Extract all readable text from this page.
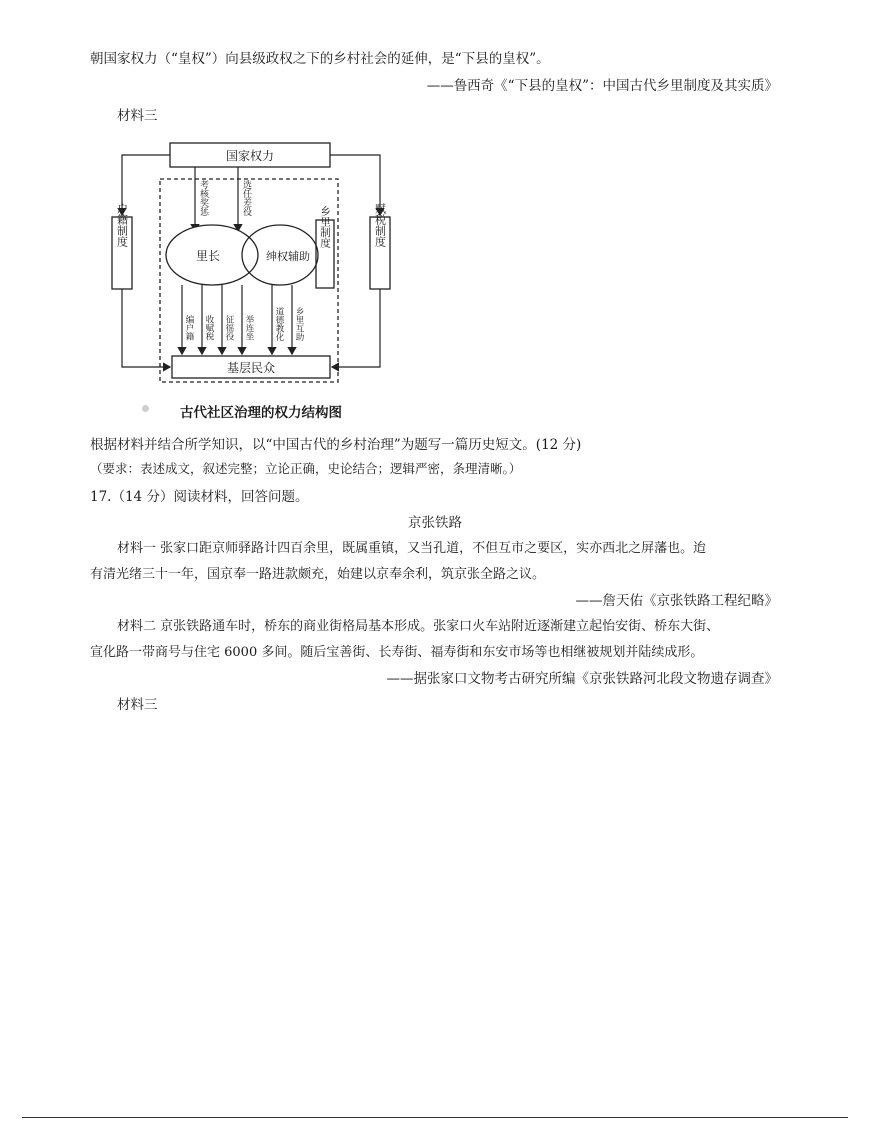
朝国家权力（“皇权”）向县级政权之下的乡村社会的延伸，是“下县的皇权”。
——鲁西奇《“下县的皇权”：中国古代乡里制度及其实质》
材料三
国家权力
基层民众
户籍制度	赋税制度
乡里制度
考核奖惩	选任差役
里长	绅权辅助
编户籍 收赋税 征徭役 举连坐 道德教化 乡里互助
古代社区治理的权力结构图
根据材料并结合所学知识，以“中国古代的乡村治理”为题写一篇历史短文。(12 分)
（要求：表述成文，叙述完整；立论正确，史论结合；逻辑严密，条理清晰。）
17.（14 分）阅读材料，回答问题。
京张铁路
材料一 张家口距京师驿路计四百余里，既属重镇，又当孔道，不但互市之要区，实亦西北之屏藩也。迨
有清光绪三十一年，国京奉一路进款颇充，始建以京奉余利，筑京张全路之议。
——詹天佑《京张铁路工程纪略》
材料二 京张铁路通车时，桥东的商业街格局基本形成。张家口火车站附近逐渐建立起怡安街、桥东大街、
宣化路一带商号与住宅 6000 多间。随后宝善街、长寿街、福寿街和东安市场等也相继被规划并陆续成形。
——据张家口文物考古研究所编《京张铁路河北段文物遗存调查》
材料三
